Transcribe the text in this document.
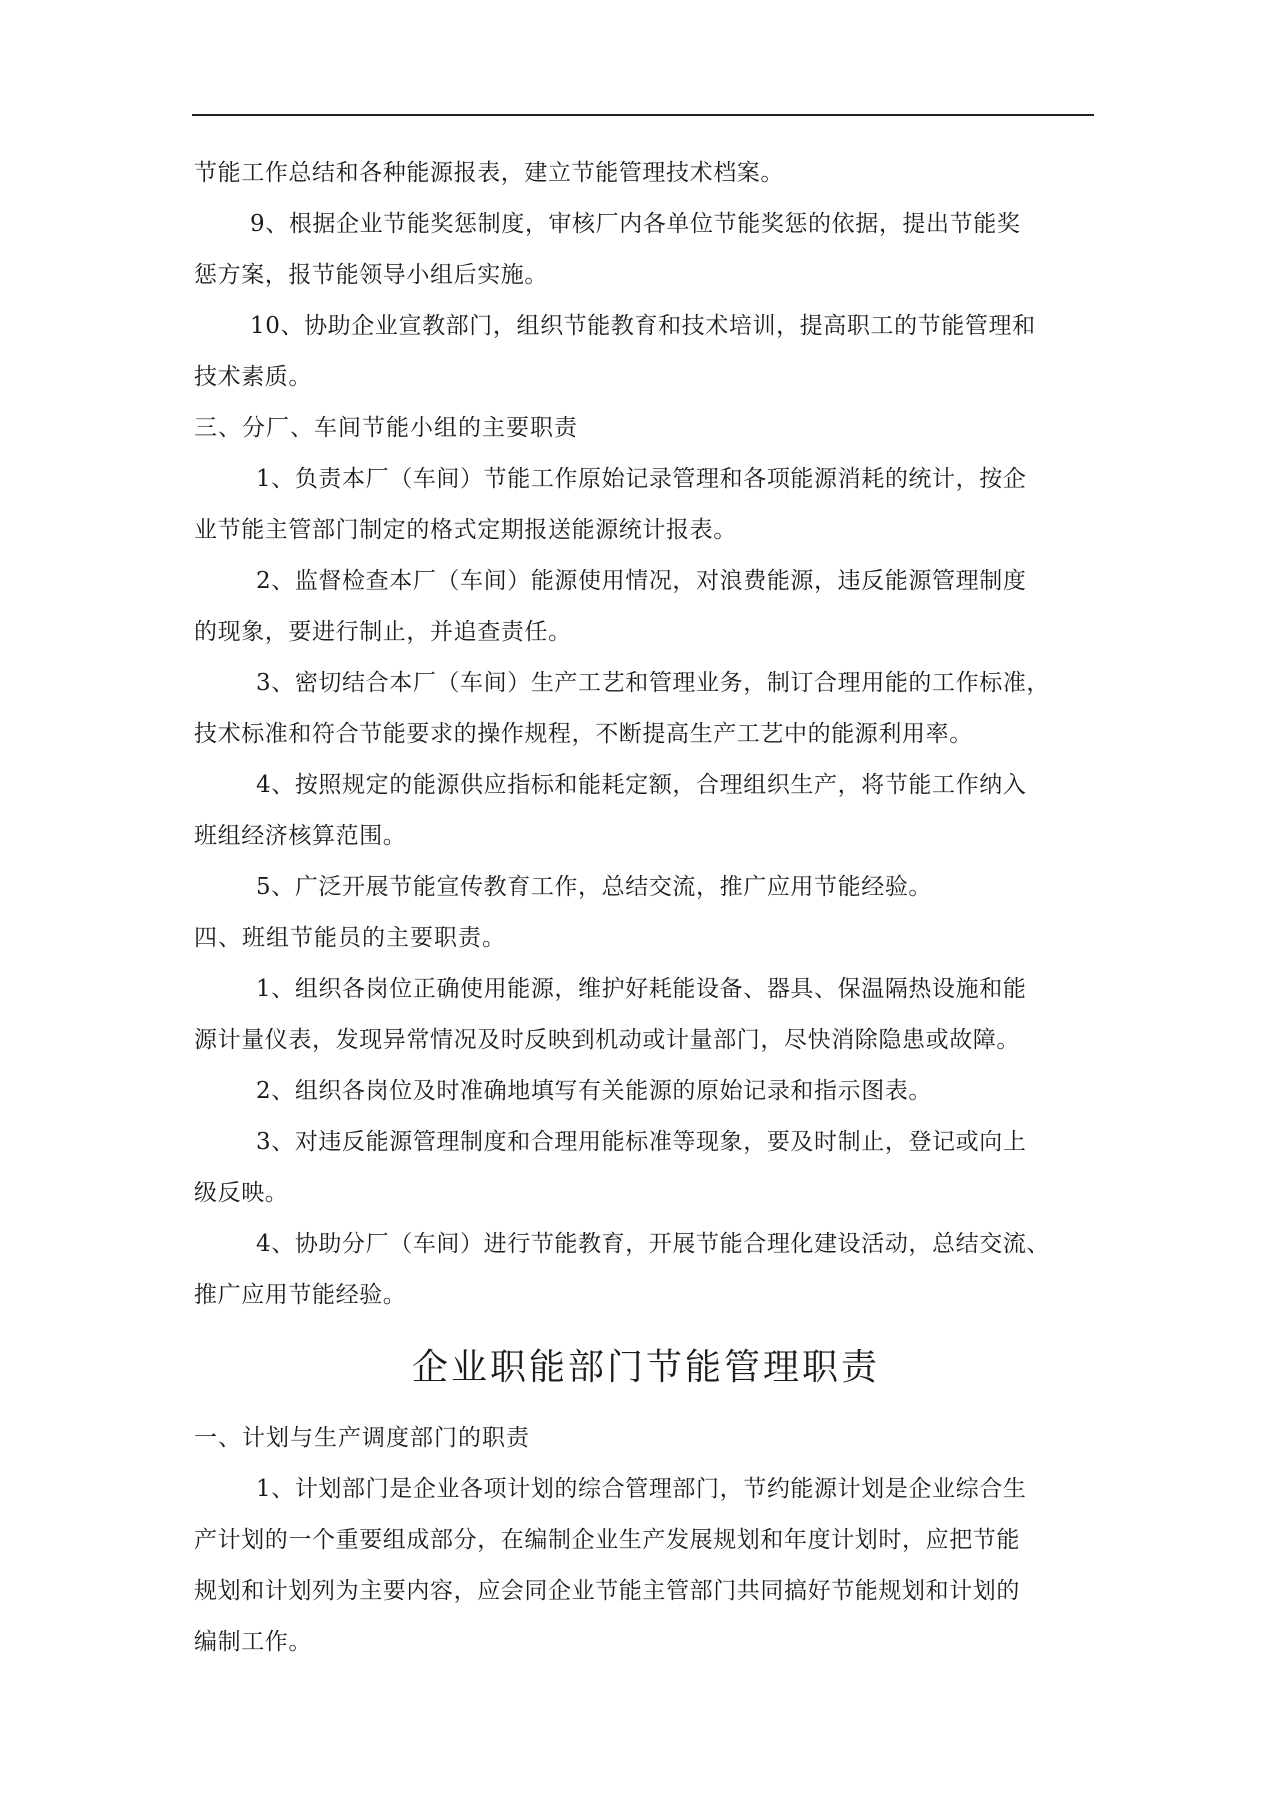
节能工作总结和各种能源报表，建立节能管理技术档案。
9、根据企业节能奖惩制度，审核厂内各单位节能奖惩的依据，提出节能奖
惩方案，报节能领导小组后实施。
10、协助企业宣教部门，组织节能教育和技术培训，提高职工的节能管理和
技术素质。
三、分厂、车间节能小组的主要职责
1、负责本厂（车间）节能工作原始记录管理和各项能源消耗的统计，按企
业节能主管部门制定的格式定期报送能源统计报表。
2、监督检查本厂（车间）能源使用情况，对浪费能源，违反能源管理制度
的现象，要进行制止，并追查责任。
3、密切结合本厂（车间）生产工艺和管理业务，制订合理用能的工作标准，
技术标准和符合节能要求的操作规程，不断提高生产工艺中的能源利用率。
4、按照规定的能源供应指标和能耗定额，合理组织生产，将节能工作纳入
班组经济核算范围。
5、广泛开展节能宣传教育工作，总结交流，推广应用节能经验。
四、班组节能员的主要职责。
1、组织各岗位正确使用能源，维护好耗能设备、器具、保温隔热设施和能
源计量仪表，发现异常情况及时反映到机动或计量部门，尽快消除隐患或故障。
2、组织各岗位及时准确地填写有关能源的原始记录和指示图表。
3、对违反能源管理制度和合理用能标准等现象，要及时制止，登记或向上
级反映。
4、协助分厂（车间）进行节能教育，开展节能合理化建设活动，总结交流、
推广应用节能经验。
企业职能部门节能管理职责
一、计划与生产调度部门的职责
1、计划部门是企业各项计划的综合管理部门，节约能源计划是企业综合生
产计划的一个重要组成部分，在编制企业生产发展规划和年度计划时，应把节能
规划和计划列为主要内容，应会同企业节能主管部门共同搞好节能规划和计划的
编制工作。
